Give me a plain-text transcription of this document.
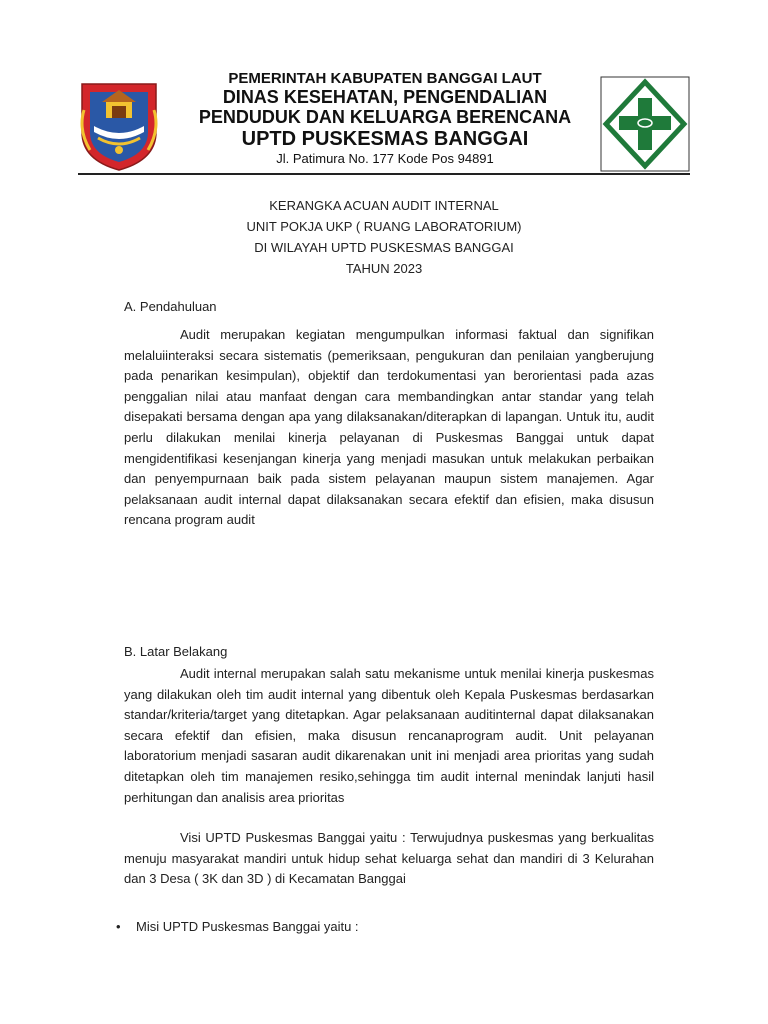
PEMERINTAH KABUPATEN BANGGAI LAUT
DINAS KESEHATAN, PENGENDALIAN
PENDUDUK DAN KELUARGA BERENCANA
UPTD PUSKESMAS BANGGAI
Jl. Patimura No. 177 Kode Pos 94891
KERANGKA ACUAN AUDIT INTERNAL
UNIT POKJA UKP ( RUANG LABORATORIUM)
DI WILAYAH UPTD PUSKESMAS BANGGAI
TAHUN 2023
A. Pendahuluan

Audit merupakan kegiatan mengumpulkan informasi faktual dan signifikan melaluiinteraksi secara sistematis (pemeriksaan, pengukuran dan penilaian yangberujung pada penarikan kesimpulan), objektif dan terdokumentasi yan berorientasi pada azas penggalian nilai atau manfaat dengan cara membandingkan antar standar yang telah disepakati bersama dengan apa yang dilaksanakan/diterapkan di lapangan. Untuk itu, audit perlu dilakukan menilai kinerja pelayanan di Puskesmas Banggai untuk dapat mengidentifikasi kesenjangan kinerja yang menjadi masukan untuk melakukan perbaikan dan penyempurnaan baik pada sistem pelayanan maupun sistem manajemen. Agar pelaksanaan audit internal dapat dilaksanakan secara efektif dan efisien, maka disusun rencana program audit

B. Latar Belakang

Audit internal merupakan salah satu mekanisme untuk menilai kinerja puskesmas yang dilakukan oleh tim audit internal yang dibentuk oleh Kepala Puskesmas berdasarkan standar/kriteria/target yang ditetapkan. Agar pelaksanaan auditinternal dapat dilaksanakan secara efektif dan efisien, maka disusun rencanaprogram audit. Unit pelayanan laboratorium menjadi sasaran audit dikarenakan unit ini menjadi area prioritas yang sudah ditetapkan oleh tim manajemen resiko,sehingga tim audit internal menindak lanjuti hasil perhitungan dan analisis area prioritas

Visi UPTD Puskesmas Banggai yaitu : Terwujudnya puskesmas yang berkualitas menuju masyarakat mandiri untuk hidup sehat keluarga sehat dan mandiri di 3 Kelurahan dan 3 Desa ( 3K dan 3D ) di Kecamatan Banggai

• Misi UPTD Puskesmas Banggai yaitu :
